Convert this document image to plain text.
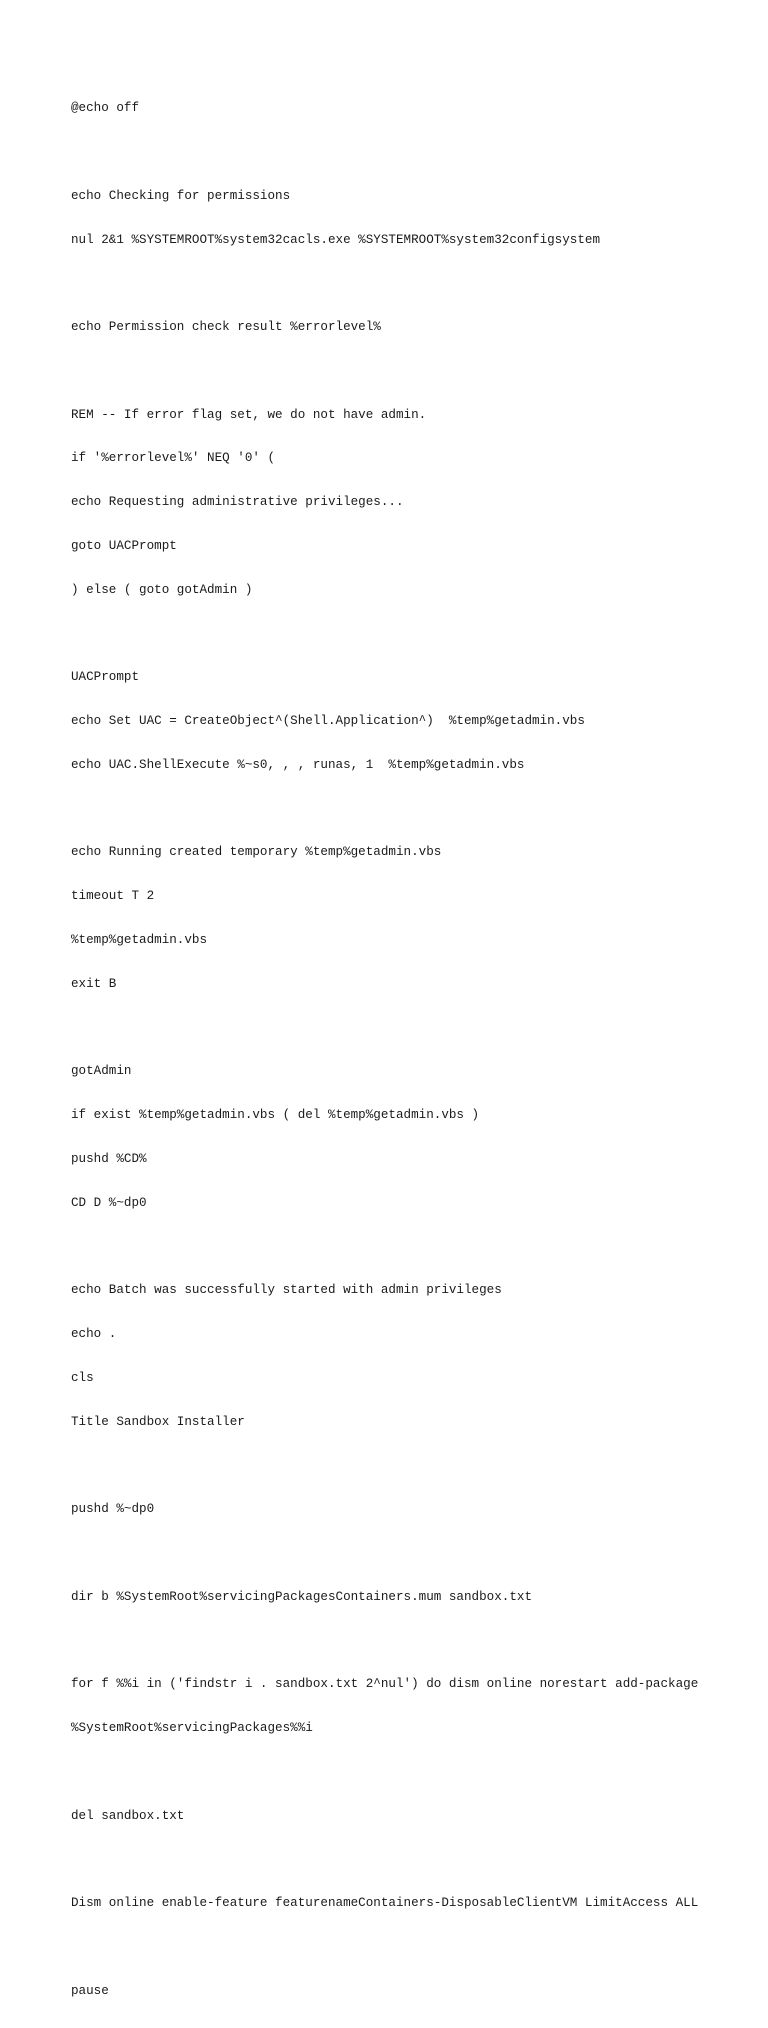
@echo off

echo Checking for permissions

nul 2&1 %SYSTEMROOT%system32cacls.exe %SYSTEMROOT%system32configsystem

echo Permission check result %errorlevel%

REM -- If error flag set, we do not have admin.

if '%errorlevel%' NEQ '0' (

echo Requesting administrative privileges...

goto UACPrompt

) else ( goto gotAdmin )

UACPrompt

echo Set UAC = CreateObject^(Shell.Application^)  %temp%getadmin.vbs

echo UAC.ShellExecute %~s0, , , runas, 1  %temp%getadmin.vbs

echo Running created temporary %temp%getadmin.vbs

timeout T 2

%temp%getadmin.vbs

exit B

gotAdmin

if exist %temp%getadmin.vbs ( del %temp%getadmin.vbs )

pushd %CD%

CD D %~dp0

echo Batch was successfully started with admin privileges

echo .

cls

Title Sandbox Installer

pushd %~dp0

dir b %SystemRoot%servicingPackagesContainers.mum sandbox.txt

for f %%i in ('findstr i . sandbox.txt 2^nul') do dism online norestart add-package

%SystemRoot%servicingPackages%%i

del sandbox.txt

Dism online enable-feature featurenameContainers-DisposableClientVM LimitAccess ALL

pause
